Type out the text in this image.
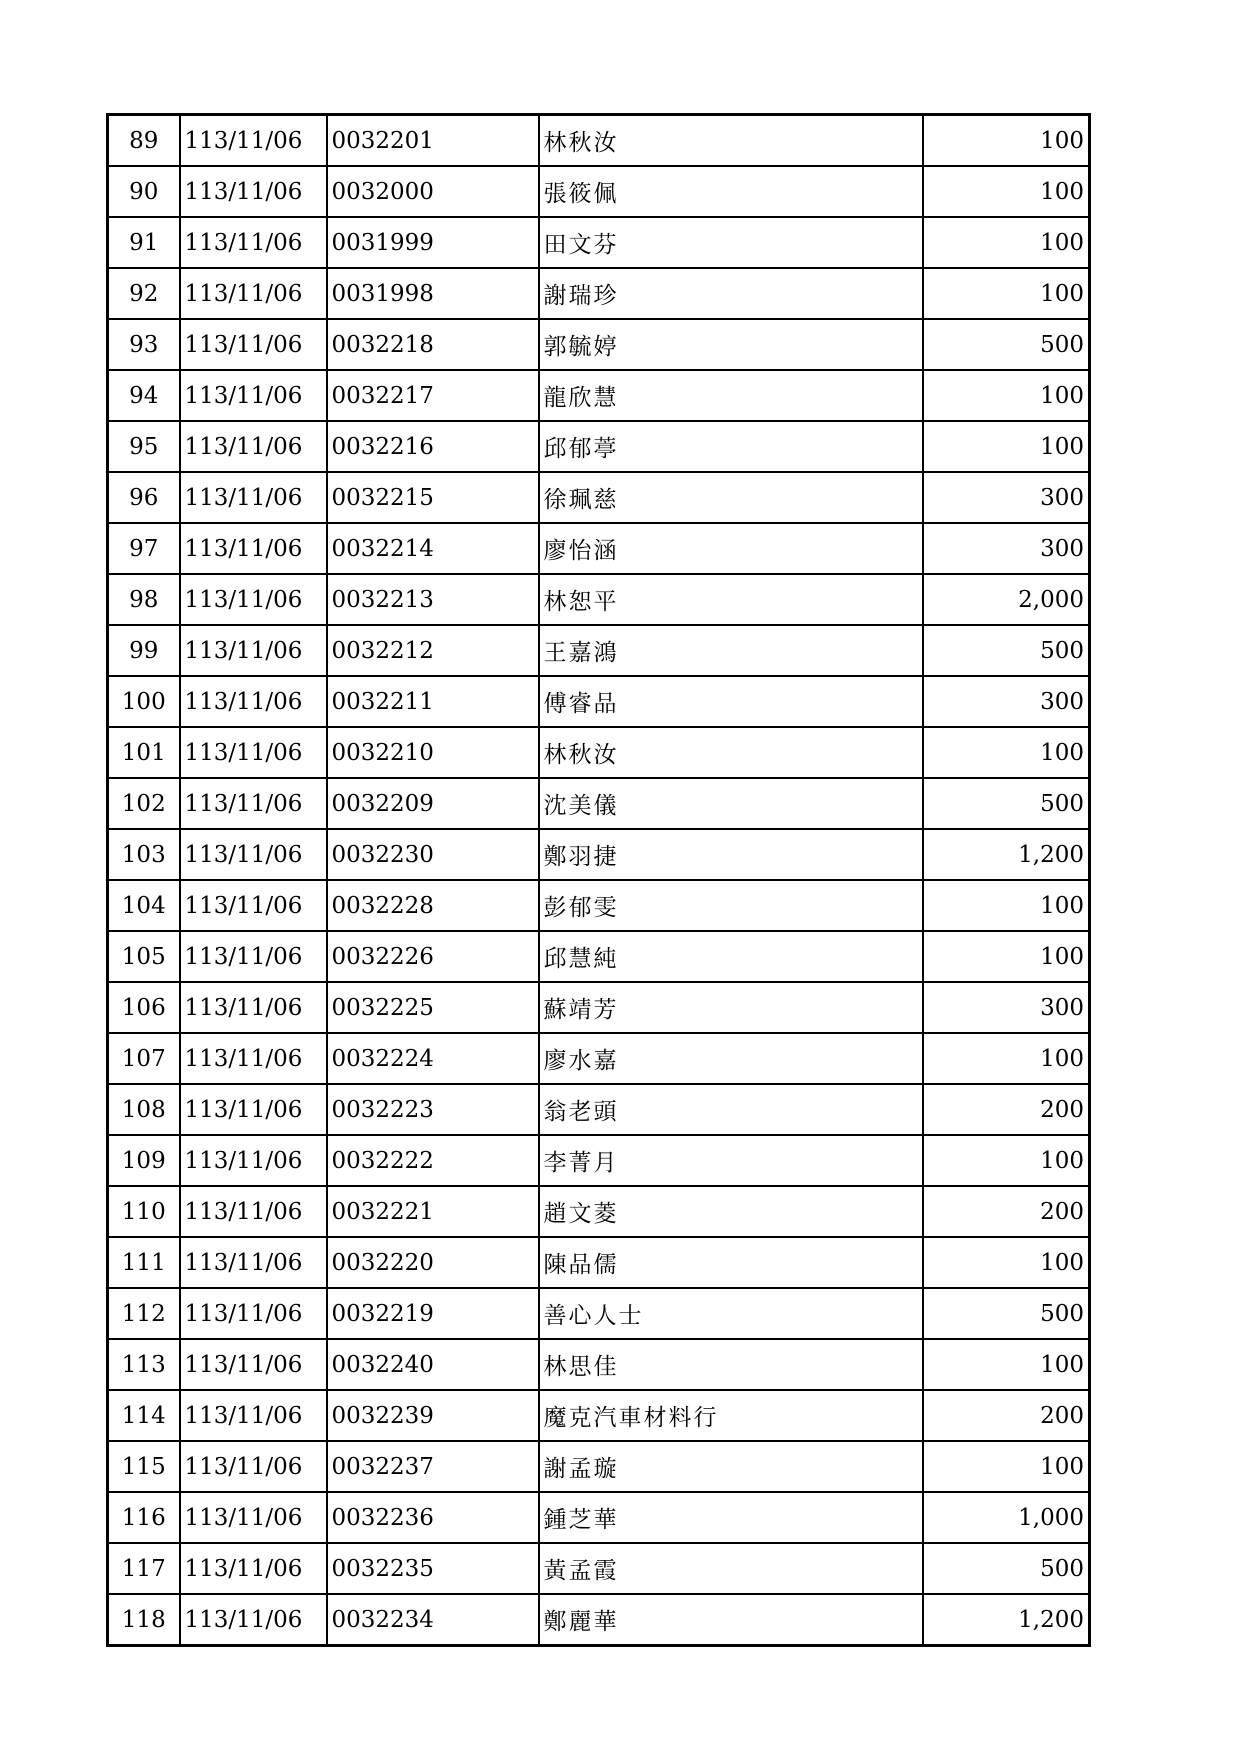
89	113/11/06	0032201	林秋汝	100
90	113/11/06	0032000	張筱佩	100
91	113/11/06	0031999	田文芬	100
92	113/11/06	0031998	謝瑞珍	100
93	113/11/06	0032218	郭毓婷	500
94	113/11/06	0032217	龍欣慧	100
95	113/11/06	0032216	邱郁葶	100
96	113/11/06	0032215	徐珮慈	300
97	113/11/06	0032214	廖怡涵	300
98	113/11/06	0032213	林恕平	2,000
99	113/11/06	0032212	王嘉鴻	500
100	113/11/06	0032211	傅睿品	300
101	113/11/06	0032210	林秋汝	100
102	113/11/06	0032209	沈美儀	500
103	113/11/06	0032230	鄭羽捷	1,200
104	113/11/06	0032228	彭郁雯	100
105	113/11/06	0032226	邱慧純	100
106	113/11/06	0032225	蘇靖芳	300
107	113/11/06	0032224	廖水嘉	100
108	113/11/06	0032223	翁老頭	200
109	113/11/06	0032222	李菁月	100
110	113/11/06	0032221	趙文菱	200
111	113/11/06	0032220	陳品儒	100
112	113/11/06	0032219	善心人士	500
113	113/11/06	0032240	林思佳	100
114	113/11/06	0032239	魔克汽車材料行	200
115	113/11/06	0032237	謝孟璇	100
116	113/11/06	0032236	鍾芝華	1,000
117	113/11/06	0032235	黃孟霞	500
118	113/11/06	0032234	鄭麗華	1,200
